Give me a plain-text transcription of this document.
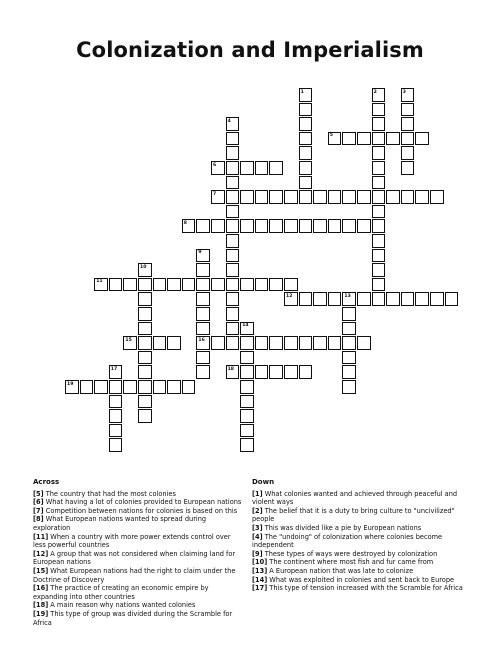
Colonization and Imperialism
1	2	3
4
5
6
7
8
9
10
11
12	13
14
15	16
17	18
19
Across
[5] The country that had the most colonies
[6] What having a lot of colonies provided to European nations
[7] Competition between nations for colonies is based on this
[8] What European nations wanted to spread during exploration
[11] When a country with more power extends control over less powerful countries
[12] A group that was not considered when claiming land for European nations
[15] What European nations had the right to claim under the Doctrine of Discovery
[16] The practice of creating an economic empire by expanding into other countries
[18] A main reason why nations wanted colonies
[19] This type of group was divided during the Scramble for Africa
Down
[1] What colonies wanted and achieved through peaceful and violent ways
[2] The belief that it is a duty to bring culture to "uncivilized" people
[3] This was divided like a pie by European nations
[4] The "undoing" of colonization where colonies become independent
[9] These types of ways were destroyed by colonization
[10] The continent where most fish and fur came from
[13] A European nation that was late to colonize
[14] What was exploited in colonies and sent back to Europe
[17] This type of tension increased with the Scramble for Africa
